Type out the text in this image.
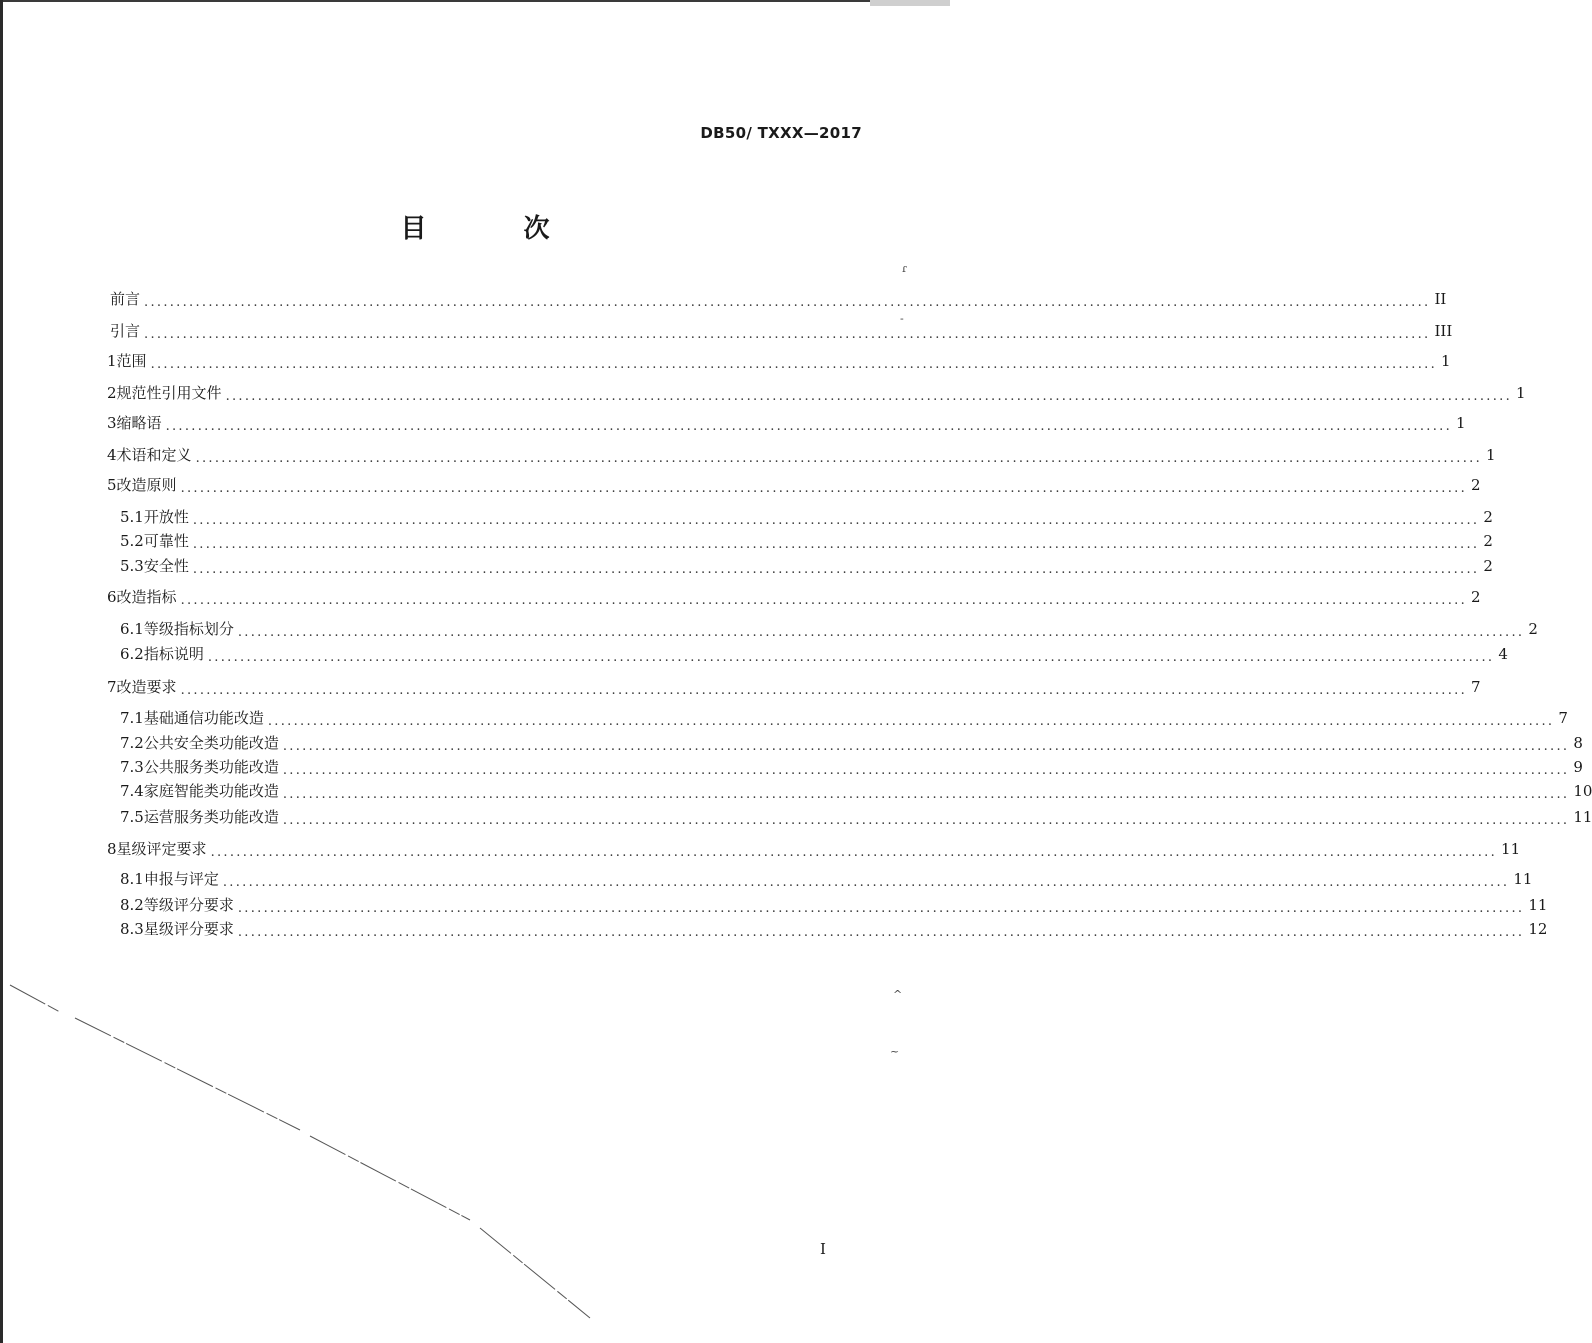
ɾ
-
^
~
DB50/ TXXX—2017
目 次
前言 ........................................................................................................................................................................................................ II
引言 ........................................................................................................................................................................................................ III
1 范围 ........................................................................................................................................................................................................ 1
2 规范性引用文件 ........................................................................................................................................................................................................ 1
3 缩略语 ........................................................................................................................................................................................................ 1
4 术语和定义 ........................................................................................................................................................................................................ 1
5 改造原则 ........................................................................................................................................................................................................ 2
5.1 开放性 ........................................................................................................................................................................................................ 2
5.2 可靠性 ........................................................................................................................................................................................................ 2
5.3 安全性 ........................................................................................................................................................................................................ 2
6 改造指标 ........................................................................................................................................................................................................ 2
6.1 等级指标划分 ........................................................................................................................................................................................................ 2
6.2 指标说明 ........................................................................................................................................................................................................ 4
7 改造要求 ........................................................................................................................................................................................................ 7
7.1 基础通信功能改造 ........................................................................................................................................................................................................ 7
7.2 公共安全类功能改造 ........................................................................................................................................................................................................ 8
7.3 公共服务类功能改造 ........................................................................................................................................................................................................ 9
7.4 家庭智能类功能改造 ........................................................................................................................................................................................................ 10
7.5 运营服务类功能改造 ........................................................................................................................................................................................................ 11
8 星级评定要求 ........................................................................................................................................................................................................ 11
8.1 申报与评定 ........................................................................................................................................................................................................ 11
8.2 等级评分要求 ........................................................................................................................................................................................................ 11
8.3 星级评分要求 ........................................................................................................................................................................................................ 12
I
